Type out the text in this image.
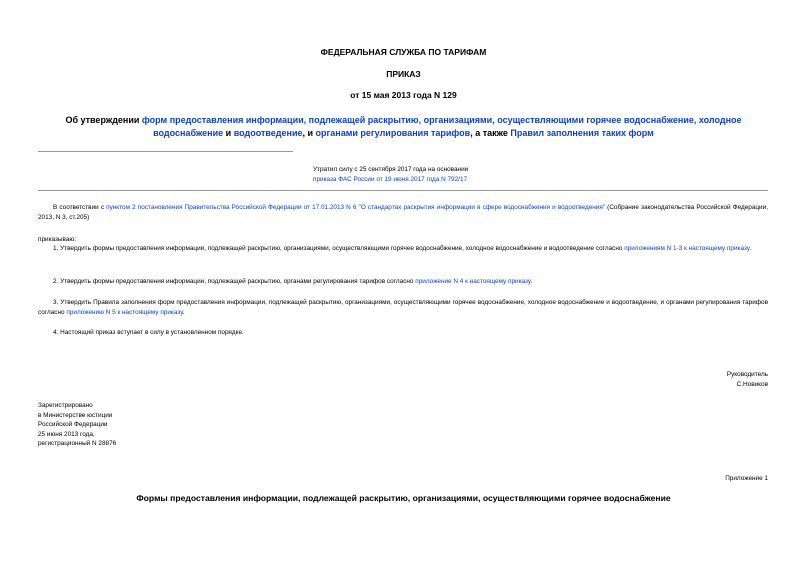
ФЕДЕРАЛЬНАЯ СЛУЖБА ПО ТАРИФАМ
ПРИКАЗ
от 15 мая 2013 года N 129
Об утверждении форм предоставления информации, подлежащей раскрытию, организациями, осуществляющими горячее водоснабжение, холодное водоснабжение и водоотведение, и органами регулирования тарифов, а также Правил заполнения таких форм
Утратил силу с 25 сентября 2017 года на основании
приказа ФАС России от 19 июня 2017 года N 792/17
В соответствии с пунктом 2 постановления Правительства Российской Федерации от 17.01.2013 N 6 "О стандартах раскрытия информации в сфере водоснабжения и водоотведения" (Собрание законодательства Российской Федерации, 2013, N 3, ст.205)
приказываю:
1. Утвердить формы предоставления информации, подлежащей раскрытию, организациями, осуществляющими горячее водоснабжение, холодное водоснабжение и водоотведение согласно приложениям N 1-3 к настоящему приказу.
2. Утвердить формы предоставления информации, подлежащей раскрытию, органами регулирования тарифов согласно приложение N 4 к настоящему приказу.
3. Утвердить Правила заполнения форм предоставления информации, подлежащей раскрытию, организациями, осуществляющими горячее водоснабжение, холодное водоснабжение и водоотведение, и органами регулирования тарифов согласно приложению N 5 к настоящему приказу.
4. Настоящий приказ вступает в силу в установленном порядке.
Руководитель
С.Новиков
Зарегистрировано
в Министерстве юстиции
Российской Федерации
25 июня 2013 года,
регистрационный N 28876
Приложение 1
Формы предоставления информации, подлежащей раскрытию, организациями, осуществляющими горячее водоснабжение
